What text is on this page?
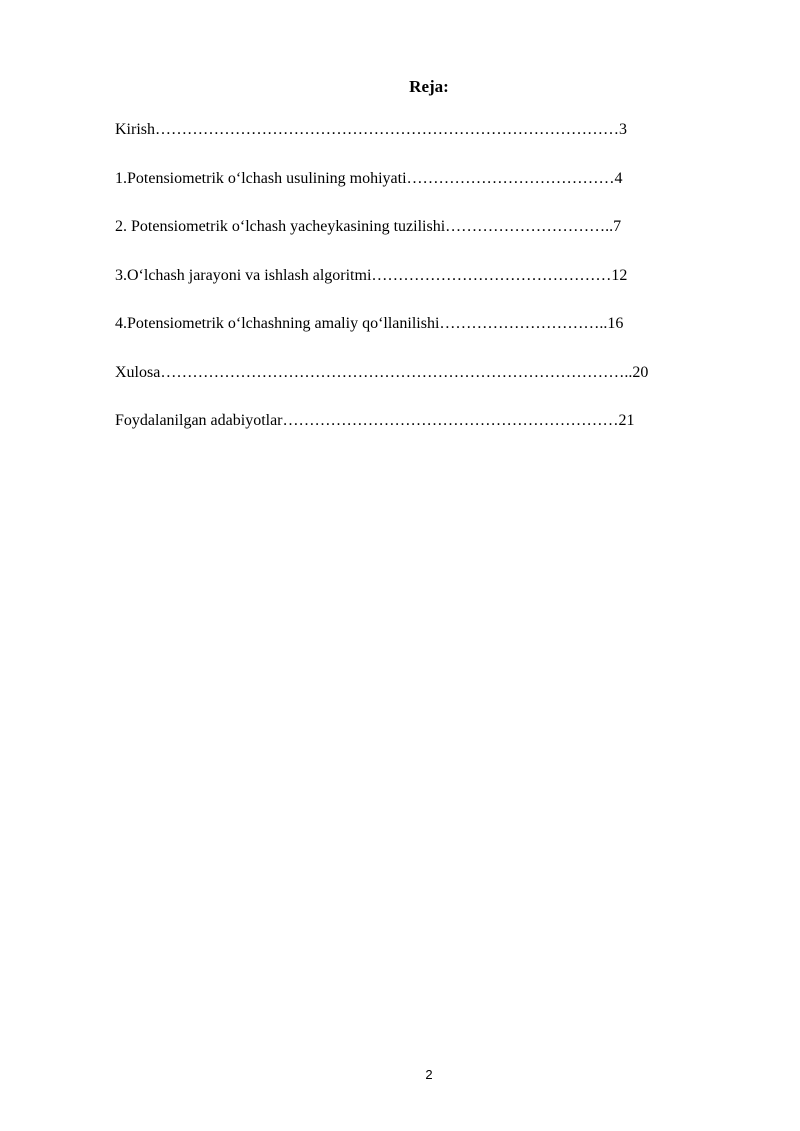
Reja:
Kirish……………………………………………………………………………3
1.Potensiometrik o‘lchash usulining mohiyati…………………………………4
2. Potensiometrik o‘lchash yacheykasining tuzilishi…………………………..7
3.O‘lchash jarayoni va ishlash algoritmi………………………………………12
4.Potensiometrik o‘lchashning amaliy qo‘llanilishi…………………………..16
Xulosa……………………………………………………………………………..20
Foydalanilgan adabiyotlar………………………………………………………21
2
